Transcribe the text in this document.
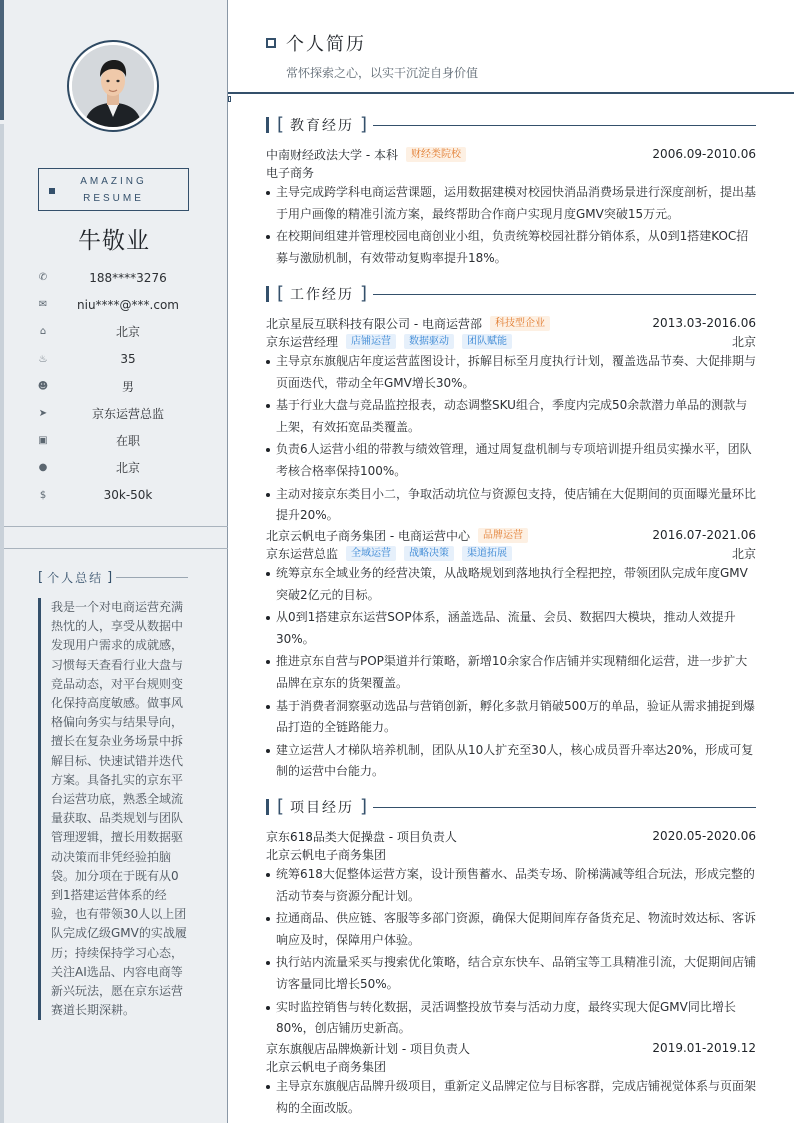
AMAZING
RESUME
牛敬业
✆	188****3276
✉	niu****@***.com
⌂	北京
♨	35
☻	男
➤	京东运营总监
▣	在职
●	北京
$	30k-50k
[ 个人总结 ]

我是一个对电商运营充满热忱的人，享受从数据中发现用户需求的成就感，习惯每天查看行业大盘与竞品动态，对平台规则变化保持高度敏感。做事风格偏向务实与结果导向，擅长在复杂业务场景中拆解目标、快速试错并迭代方案。具备扎实的京东平台运营功底，熟悉全域流量获取、品类规划与团队管理逻辑，擅长用数据驱动决策而非凭经验拍脑袋。加分项在于既有从0到1搭建运营体系的经验，也有带领30人以上团队完成亿级GMV的实战履历；持续保持学习心态，关注AI选品、内容电商等新兴玩法，愿在京东运营赛道长期深耕。

个人简历
常怀探索之心，以实干沉淀自身价值
[ 教育经历 ]
中南财经政法大学 - 本科	财经类院校	2006.09-2010.06
电子商务
主导完成跨学科电商运营课题，运用数据建模对校园快消品消费场景进行深度剖析，提出基于用户画像的精准引流方案，最终帮助合作商户实现月度GMV突破15万元。
在校期间组建并管理校园电商创业小组，负责统筹校园社群分销体系，从0到1搭建KOC招募与激励机制，有效带动复购率提升18%。
[ 工作经历 ]
北京星辰互联科技有限公司 - 电商运营部	科技型企业	2013.03-2016.06
京东运营经理	店铺运营	数据驱动	团队赋能	北京
主导京东旗舰店年度运营蓝图设计，拆解目标至月度执行计划，覆盖选品节奏、大促排期与页面迭代，带动全年GMV增长30%。
基于行业大盘与竞品监控报表，动态调整SKU组合，季度内完成50余款潜力单品的测款与上架，有效拓宽品类覆盖。
负责6人运营小组的带教与绩效管理，通过周复盘机制与专项培训提升组员实操水平，团队考核合格率保持100%。
主动对接京东类目小二，争取活动坑位与资源包支持，使店铺在大促期间的页面曝光量环比提升20%。
北京云帆电子商务集团 - 电商运营中心	品牌运营	2016.07-2021.06
京东运营总监	全域运营	战略决策	渠道拓展	北京
统筹京东全域业务的经营决策，从战略规划到落地执行全程把控，带领团队完成年度GMV突破2亿元的目标。
从0到1搭建京东运营SOP体系，涵盖选品、流量、会员、数据四大模块，推动人效提升30%。
推进京东自营与POP渠道并行策略，新增10余家合作店铺并实现精细化运营，进一步扩大品牌在京东的货架覆盖。
基于消费者洞察驱动选品与营销创新，孵化多款月销破500万的单品，验证从需求捕捉到爆品打造的全链路能力。
建立运营人才梯队培养机制，团队从10人扩充至30人，核心成员晋升率达20%，形成可复制的运营中台能力。
[ 项目经历 ]
京东618品类大促操盘 - 项目负责人	2020.05-2020.06
北京云帆电子商务集团
统筹618大促整体运营方案，设计预售蓄水、品类专场、阶梯满减等组合玩法，形成完整的活动节奏与资源分配计划。
拉通商品、供应链、客服等多部门资源，确保大促期间库存备货充足、物流时效达标、客诉响应及时，保障用户体验。
执行站内流量采买与搜索优化策略，结合京东快车、品销宝等工具精准引流，大促期间店铺访客量同比增长50%。
实时监控销售与转化数据，灵活调整投放节奏与活动力度，最终实现大促GMV同比增长80%，创店铺历史新高。
京东旗舰店品牌焕新计划 - 项目负责人	2019.01-2019.12
北京云帆电子商务集团
主导京东旗舰店品牌升级项目，重新定义品牌定位与目标客群，完成店铺视觉体系与页面架构的全面改版。
